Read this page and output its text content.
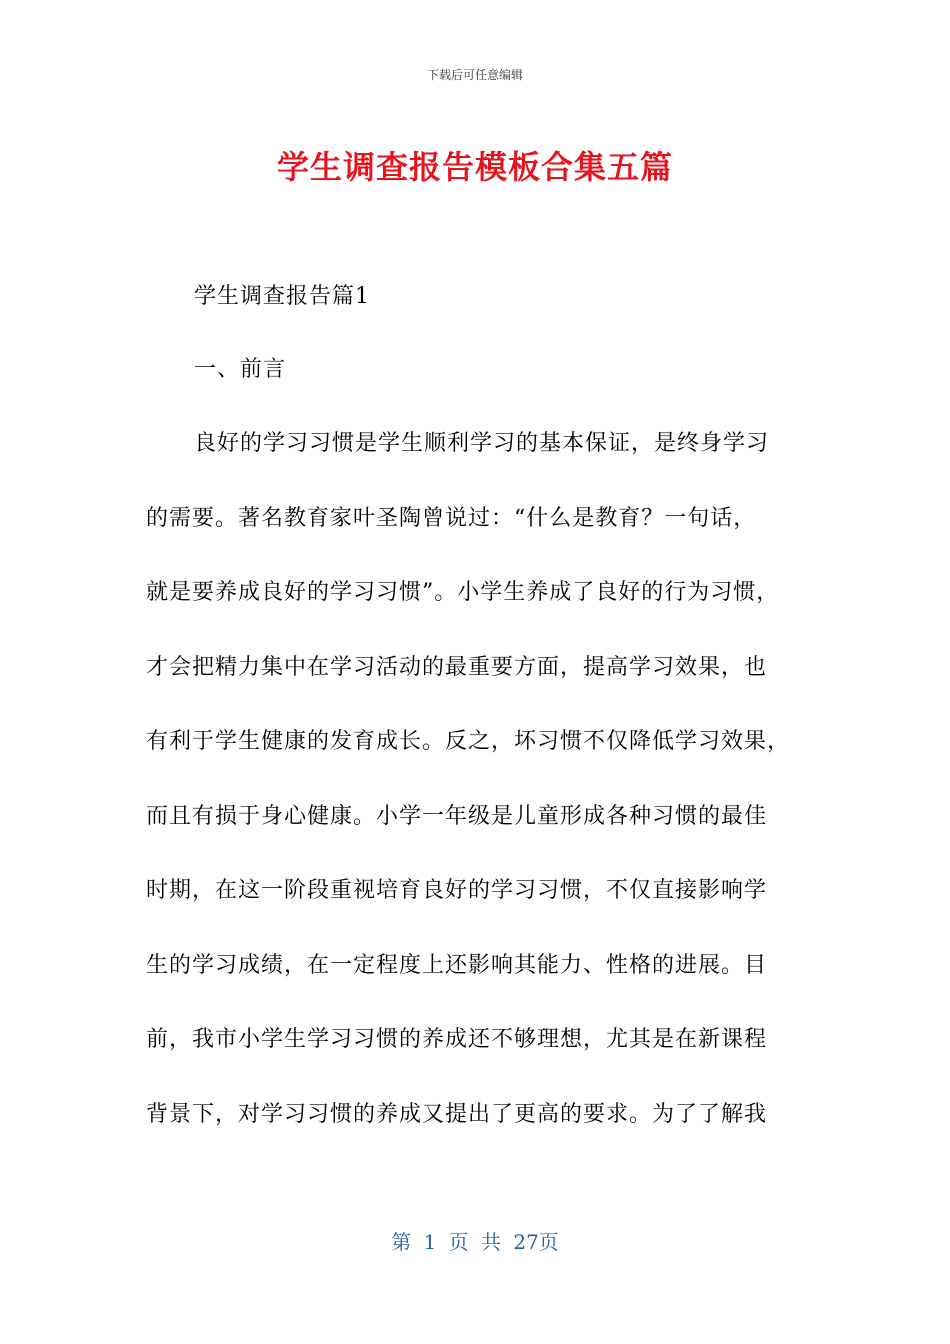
下载后可任意编辑
学生调查报告模板合集五篇
学生调查报告篇1
一、前言
良好的学习习惯是学生顺利学习的基本保证，是终身学习
的需要。著名教育家叶圣陶曾说过：“什么是教育？一句话，
就是要养成良好的学习习惯”。小学生养成了良好的行为习惯，
才会把精力集中在学习活动的最重要方面，提高学习效果，也
有利于学生健康的发育成长。反之，坏习惯不仅降低学习效果，
而且有损于身心健康。小学一年级是儿童形成各种习惯的最佳
时期，在这一阶段重视培育良好的学习习惯，不仅直接影响学
生的学习成绩，在一定程度上还影响其能力、性格的进展。目
前，我市小学生学习习惯的养成还不够理想，尤其是在新课程
背景下，对学习习惯的养成又提出了更高的要求。为了了解我
第 1 页 共 27页
